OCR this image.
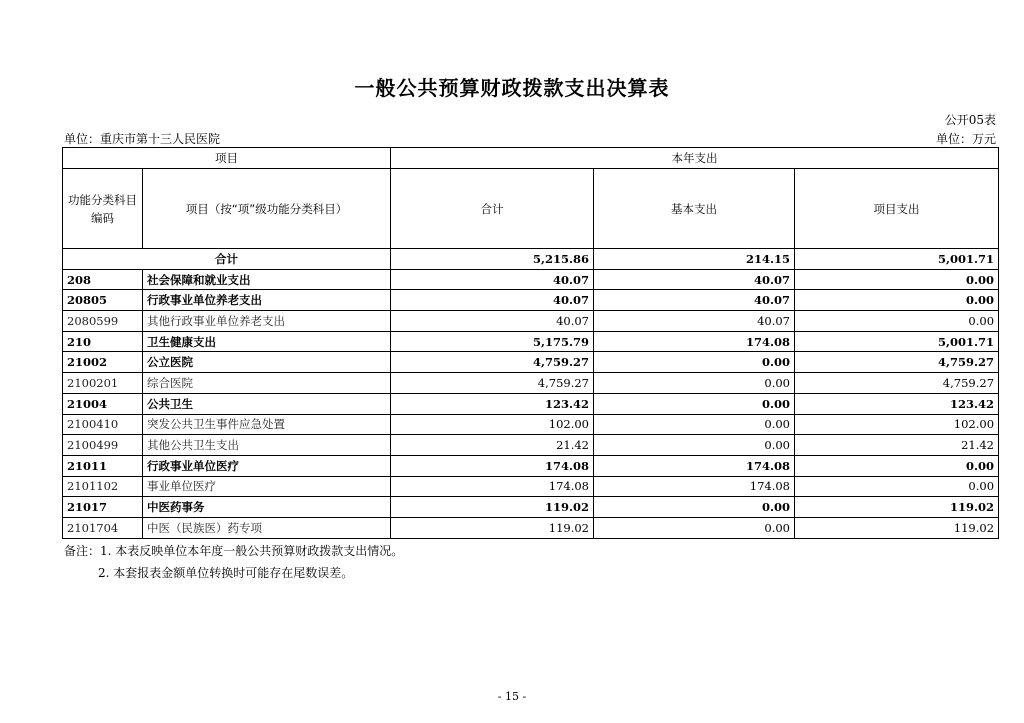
一般公共预算财政拨款支出决算表
公开05表
单位：重庆市第十三人民医院	单位：万元
项目		本年支出		
功能分类科目编码	项目（按“项”级功能分类科目）	合计	基本支出	项目支出
合计		5,215.86	214.15	5,001.71
208	社会保障和就业支出	40.07	40.07	0.00
20805	行政事业单位养老支出	40.07	40.07	0.00
2080599	其他行政事业单位养老支出	40.07	40.07	0.00
210	卫生健康支出	5,175.79	174.08	5,001.71
21002	公立医院	4,759.27	0.00	4,759.27
2100201	综合医院	4,759.27	0.00	4,759.27
21004	公共卫生	123.42	0.00	123.42
2100410	突发公共卫生事件应急处置	102.00	0.00	102.00
2100499	其他公共卫生支出	21.42	0.00	21.42
21011	行政事业单位医疗	174.08	174.08	0.00
2101102	事业单位医疗	174.08	174.08	0.00
21017	中医药事务	119.02	0.00	119.02
2101704	中医（民族医）药专项	119.02	0.00	119.02
备注：1. 本表反映单位本年度一般公共预算财政拨款支出情况。
2. 本套报表金额单位转换时可能存在尾数误差。
- 15 -
